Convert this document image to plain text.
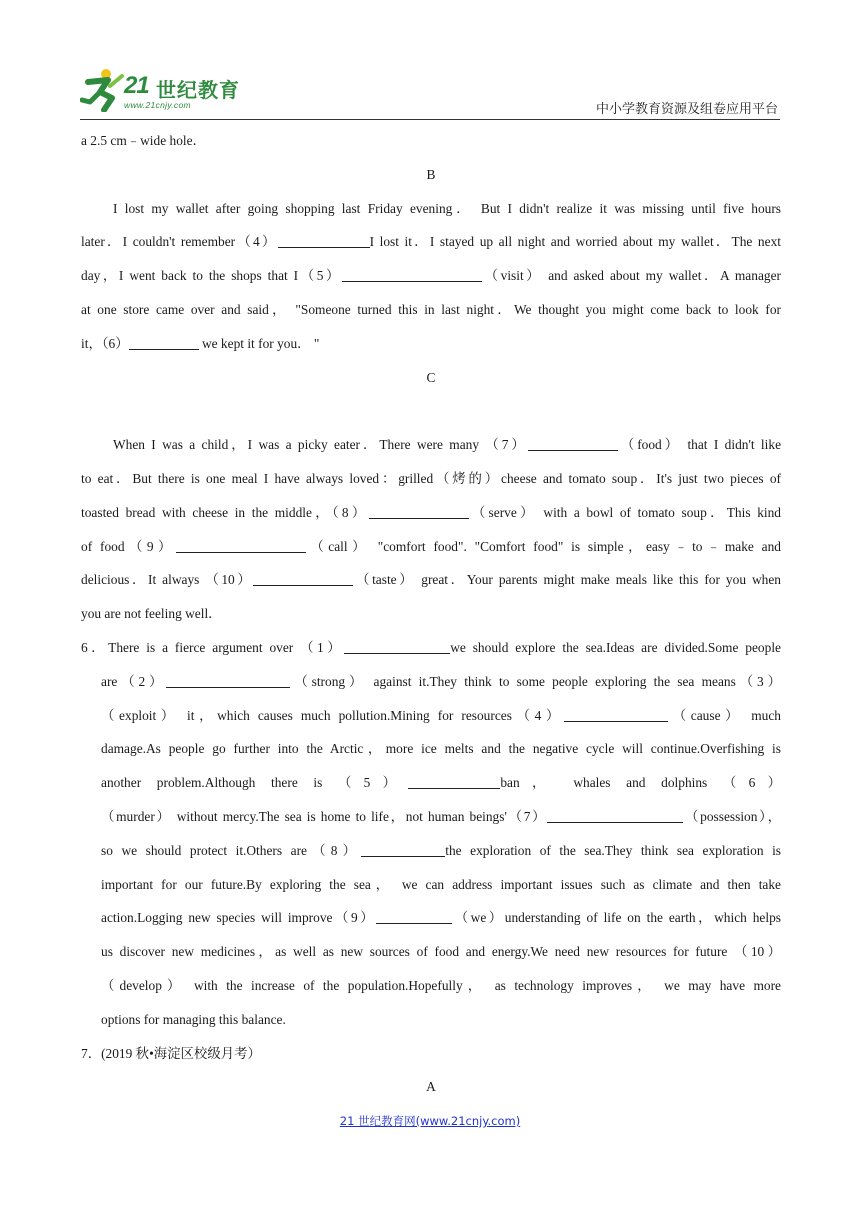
21 世纪教育
www.21cnjy.com	中小学教育资源及组卷应用平台
a 2.5 cm﹣wide hole．
B
I lost my wallet after going shopping last Friday evening． But I didn't realize it was missing until five hours
later．I couldn't remember（4）	I lost it．I stayed up all night and worried about my wallet．The next
day，I went back to the shops that I（5）	（visit） and asked about my wallet．A manager
at one store came over and said， "Someone turned this in last night．We thought you might come back to look for
it，（6）	we kept it for you． "
C
When I was a child，I was a picky eater．There were many （7）	（food） that I didn't like
to eat．But there is one meal I have always loved：grilled（烤的）cheese and tomato soup．It's just two pieces of
toasted bread with cheese in the middle，（8）	（serve） with a bowl of tomato soup．This kind
of food（9）	（call） "comfort food". "Comfort food" is simple，easy﹣to﹣make and
delicious．It always （10）	（taste） great．Your parents might make meals like this for you when
you are not feeling well．
6．There is a fierce argument over （1）	we should explore the sea.Ideas are divided.Some people
are（2）	（strong） against it.They think to some people exploring the sea means（3）
（exploit） it，which causes much pollution.Mining for resources（4）	（cause） much
damage.As people go further into the Arctic，more ice melts and the negative cycle will continue.Overfishing is
another problem.Although there is （5）	ban， whales and dolphins （6）
（murder） without mercy.The sea is home to life，not human beings'（7）	（possession），
so we should protect it.Others are（8）	the exploration of the sea.They think sea exploration is
important for our future.By exploring the sea， we can address important issues such as climate and then take
action.Logging new species will improve（9）	（we）understanding of life on the earth，which helps
us discover new medicines，as well as new sources of food and energy.We need new resources for future （10）
（develop） with the increase of the population.Hopefully， as technology improves， we may have more
options for managing this balance.
7．(2019 秋•海淀区校级月考）
A
21 世纪教育网(www.21cnjy.com)
